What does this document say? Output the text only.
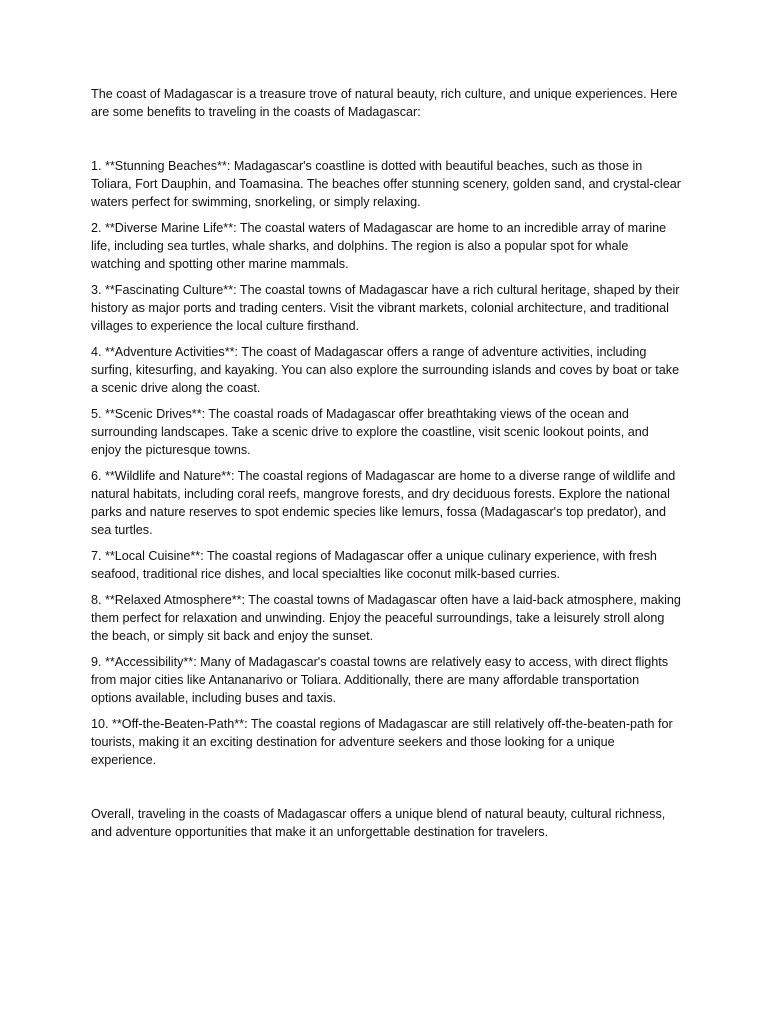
The coast of Madagascar is a treasure trove of natural beauty, rich culture, and unique experiences. Here are some benefits to traveling in the coasts of Madagascar:

1. **Stunning Beaches**: Madagascar's coastline is dotted with beautiful beaches, such as those in Toliara, Fort Dauphin, and Toamasina. The beaches offer stunning scenery, golden sand, and crystal-clear waters perfect for swimming, snorkeling, or simply relaxing.

2. **Diverse Marine Life**: The coastal waters of Madagascar are home to an incredible array of marine life, including sea turtles, whale sharks, and dolphins. The region is also a popular spot for whale watching and spotting other marine mammals.

3. **Fascinating Culture**: The coastal towns of Madagascar have a rich cultural heritage, shaped by their history as major ports and trading centers. Visit the vibrant markets, colonial architecture, and traditional villages to experience the local culture firsthand.

4. **Adventure Activities**: The coast of Madagascar offers a range of adventure activities, including surfing, kitesurfing, and kayaking. You can also explore the surrounding islands and coves by boat or take a scenic drive along the coast.

5. **Scenic Drives**: The coastal roads of Madagascar offer breathtaking views of the ocean and surrounding landscapes. Take a scenic drive to explore the coastline, visit scenic lookout points, and enjoy the picturesque towns.

6. **Wildlife and Nature**: The coastal regions of Madagascar are home to a diverse range of wildlife and natural habitats, including coral reefs, mangrove forests, and dry deciduous forests. Explore the national parks and nature reserves to spot endemic species like lemurs, fossa (Madagascar's top predator), and sea turtles.

7. **Local Cuisine**: The coastal regions of Madagascar offer a unique culinary experience, with fresh seafood, traditional rice dishes, and local specialties like coconut milk-based curries.

8. **Relaxed Atmosphere**: The coastal towns of Madagascar often have a laid-back atmosphere, making them perfect for relaxation and unwinding. Enjoy the peaceful surroundings, take a leisurely stroll along the beach, or simply sit back and enjoy the sunset.

9. **Accessibility**: Many of Madagascar's coastal towns are relatively easy to access, with direct flights from major cities like Antananarivo or Toliara. Additionally, there are many affordable transportation options available, including buses and taxis.

10. **Off-the-Beaten-Path**: The coastal regions of Madagascar are still relatively off-the-beaten-path for tourists, making it an exciting destination for adventure seekers and those looking for a unique experience.

Overall, traveling in the coasts of Madagascar offers a unique blend of natural beauty, cultural richness, and adventure opportunities that make it an unforgettable destination for travelers.
